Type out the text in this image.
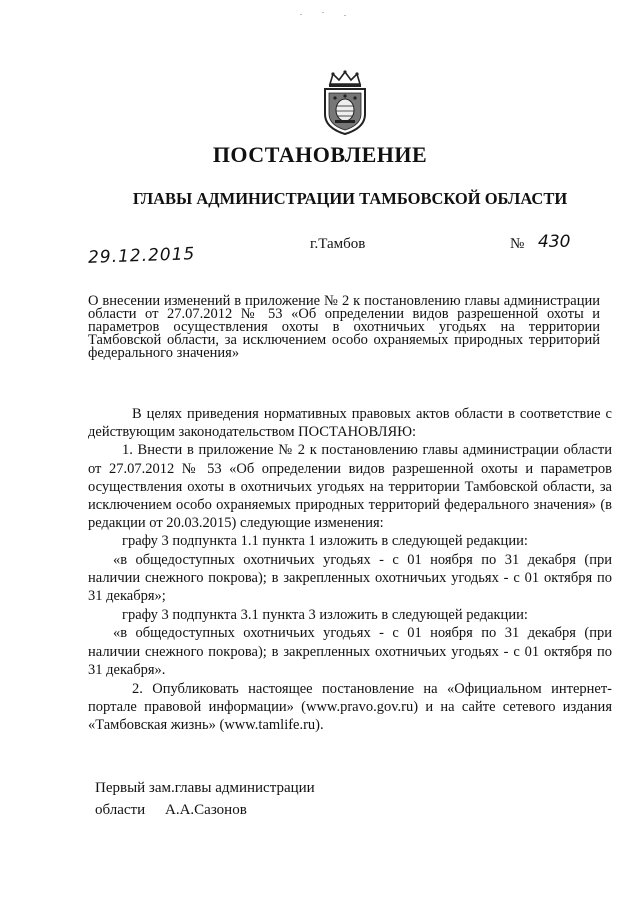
ПОСТАНОВЛЕНИЕ
ГЛАВЫ АДМИНИСТРАЦИИ ТАМБОВСКОЙ ОБЛАСТИ
29.12.2015
г.Тамбов	№ 430

О внесении изменений в приложение № 2 к постановлению главы администрации области от 27.07.2012 № 53 «Об определении видов разрешенной охоты и параметров осуществления охоты в охотничьих угодьях на территории Тамбовской области, за исключением особо охраняемых природных территорий федерального значения»

В целях приведения нормативных правовых актов области в соответствие с действующим законодательством ПОСТАНОВЛЯЮ:

1. Внести в приложение № 2 к постановлению главы администрации области от 27.07.2012 № 53 «Об определении видов разрешенной охоты и параметров осуществления охоты в охотничьих угодьях на территории Тамбовской области, за исключением особо охраняемых природных территорий федерального значения» (в редакции от 20.03.2015) следующие изменения:

графу 3 подпункта 1.1 пункта 1 изложить в следующей редакции:

«в общедоступных охотничьих угодьях - с 01 ноября по 31 декабря (при наличии снежного покрова); в закрепленных охотничьих угодьях - с 01 октября по 31 декабря»;

графу 3 подпункта 3.1 пункта 3 изложить в следующей редакции:

«в общедоступных охотничьих угодьях - с 01 ноября по 31 декабря (при наличии снежного покрова); в закрепленных охотничьих угодьях - с 01 октября по 31 декабря».

2. Опубликовать настоящее постановление на «Официальном интернет-портале правовой информации» (www.pravo.gov.ru) и на сайте сетевого издания «Тамбовская жизнь» (www.tamlife.ru).

Первый зам.главы администрации
области А.А.Сазонов
